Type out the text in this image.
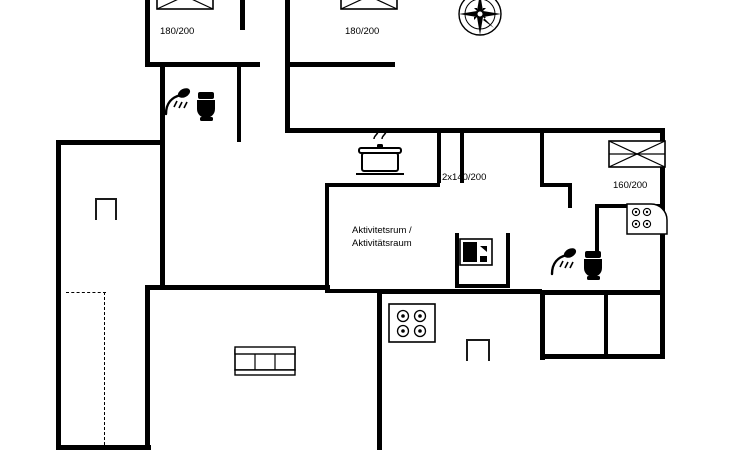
180/200	180/200
160/200
2x140/200
Aktivitetsrum /
Aktivitätsraum
